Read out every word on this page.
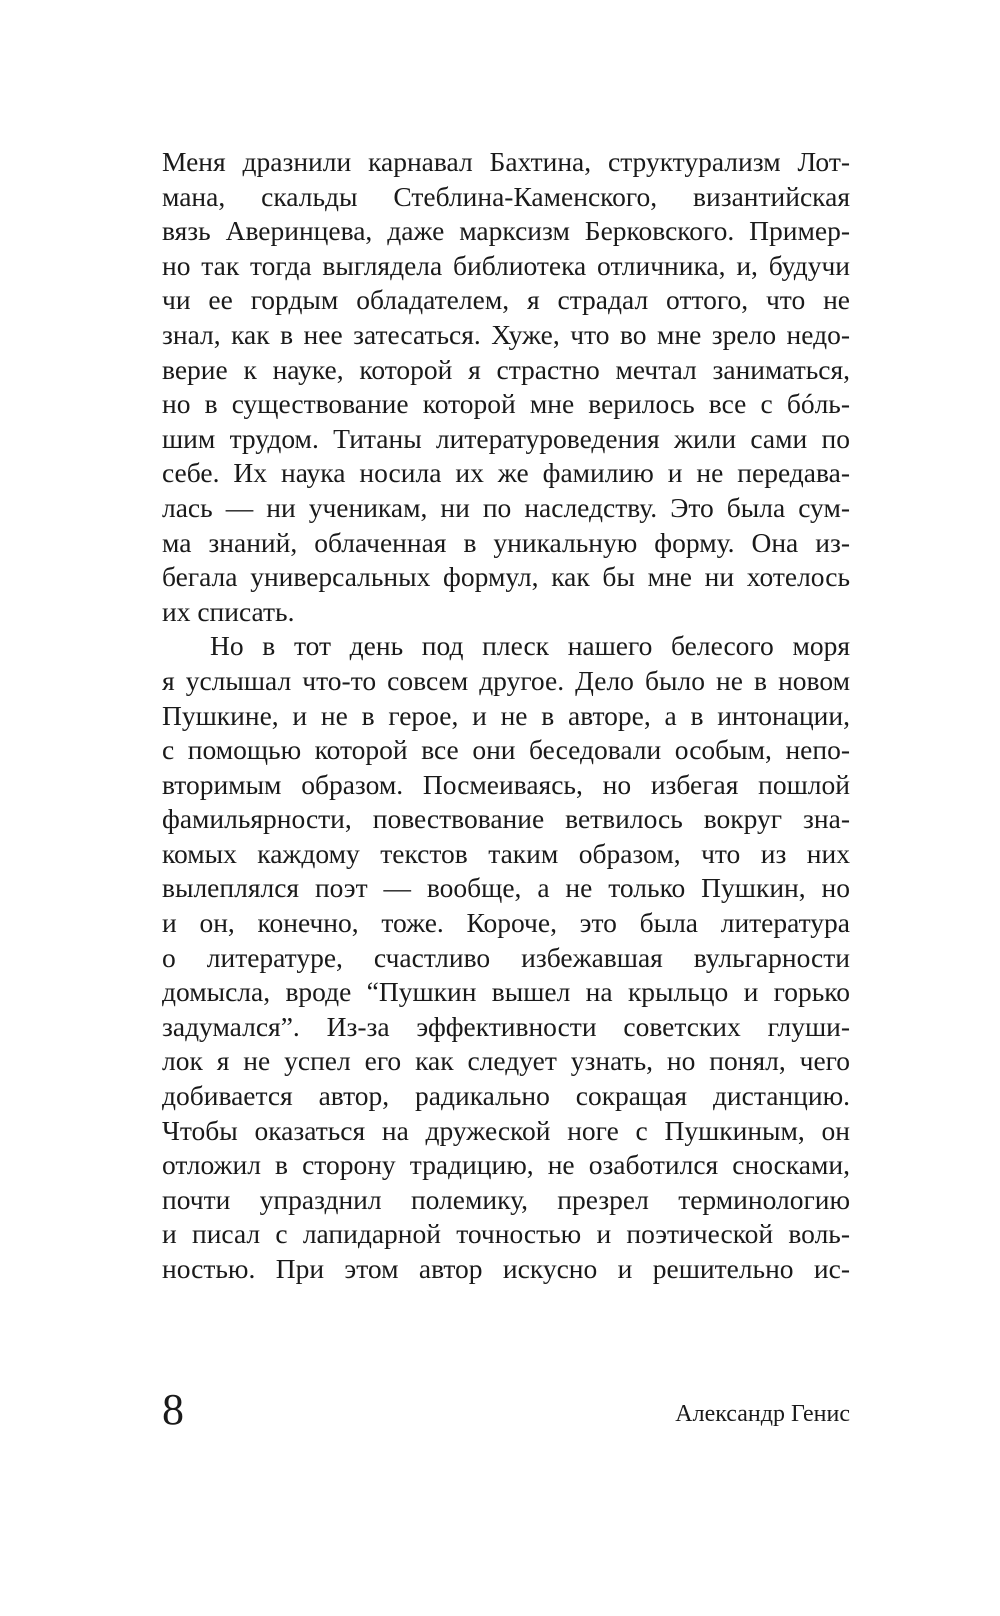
Меня дразнили карнавал Бахтина, структурализм Лот-
мана, скальды Стеблина-Каменского, византийская
вязь Аверинцева, даже марксизм Берковского. Пример-
но так тогда выглядела библиотека отличника, и, будучи
чи ее гордым обладателем, я страдал оттого, что не
знал, как в нее затесаться. Хуже, что во мне зрело недо-
верие к науке, которой я страстно мечтал заниматься,
но в существование которой мне верилось все с бóль-
шим трудом. Титаны литературоведения жили сами по
себе. Их наука носила их же фамилию и не передава-
лась — ни ученикам, ни по наследству. Это была сум-
ма знаний, облаченная в уникальную форму. Она из-
бегала универсальных формул, как бы мне ни хотелось
их списать.
Но в тот день под плеск нашего белесого моря
я услышал что-то совсем другое. Дело было не в новом
Пушкине, и не в герое, и не в авторе, а в интонации,
с помощью которой все они беседовали особым, непо-
вторимым образом. Посмеиваясь, но избегая пошлой
фамильярности, повествование ветвилось вокруг зна-
комых каждому текстов таким образом, что из них
вылеплялся поэт — вообще, а не только Пушкин, но
и он, конечно, тоже. Короче, это была литература
о литературе, счастливо избежавшая вульгарности
домысла, вроде “Пушкин вышел на крыльцо и горько
задумался”. Из-за эффективности советских глуши-
лок я не успел его как следует узнать, но понял, чего
добивается автор, радикально сокращая дистанцию.
Чтобы оказаться на дружеской ноге с Пушкиным, он
отложил в сторону традицию, не озаботился сносками,
почти упразднил полемику, презрел терминологию
и писал с лапидарной точностью и поэтической воль-
ностью. При этом автор искусно и решительно ис-
8	Александр Генис
